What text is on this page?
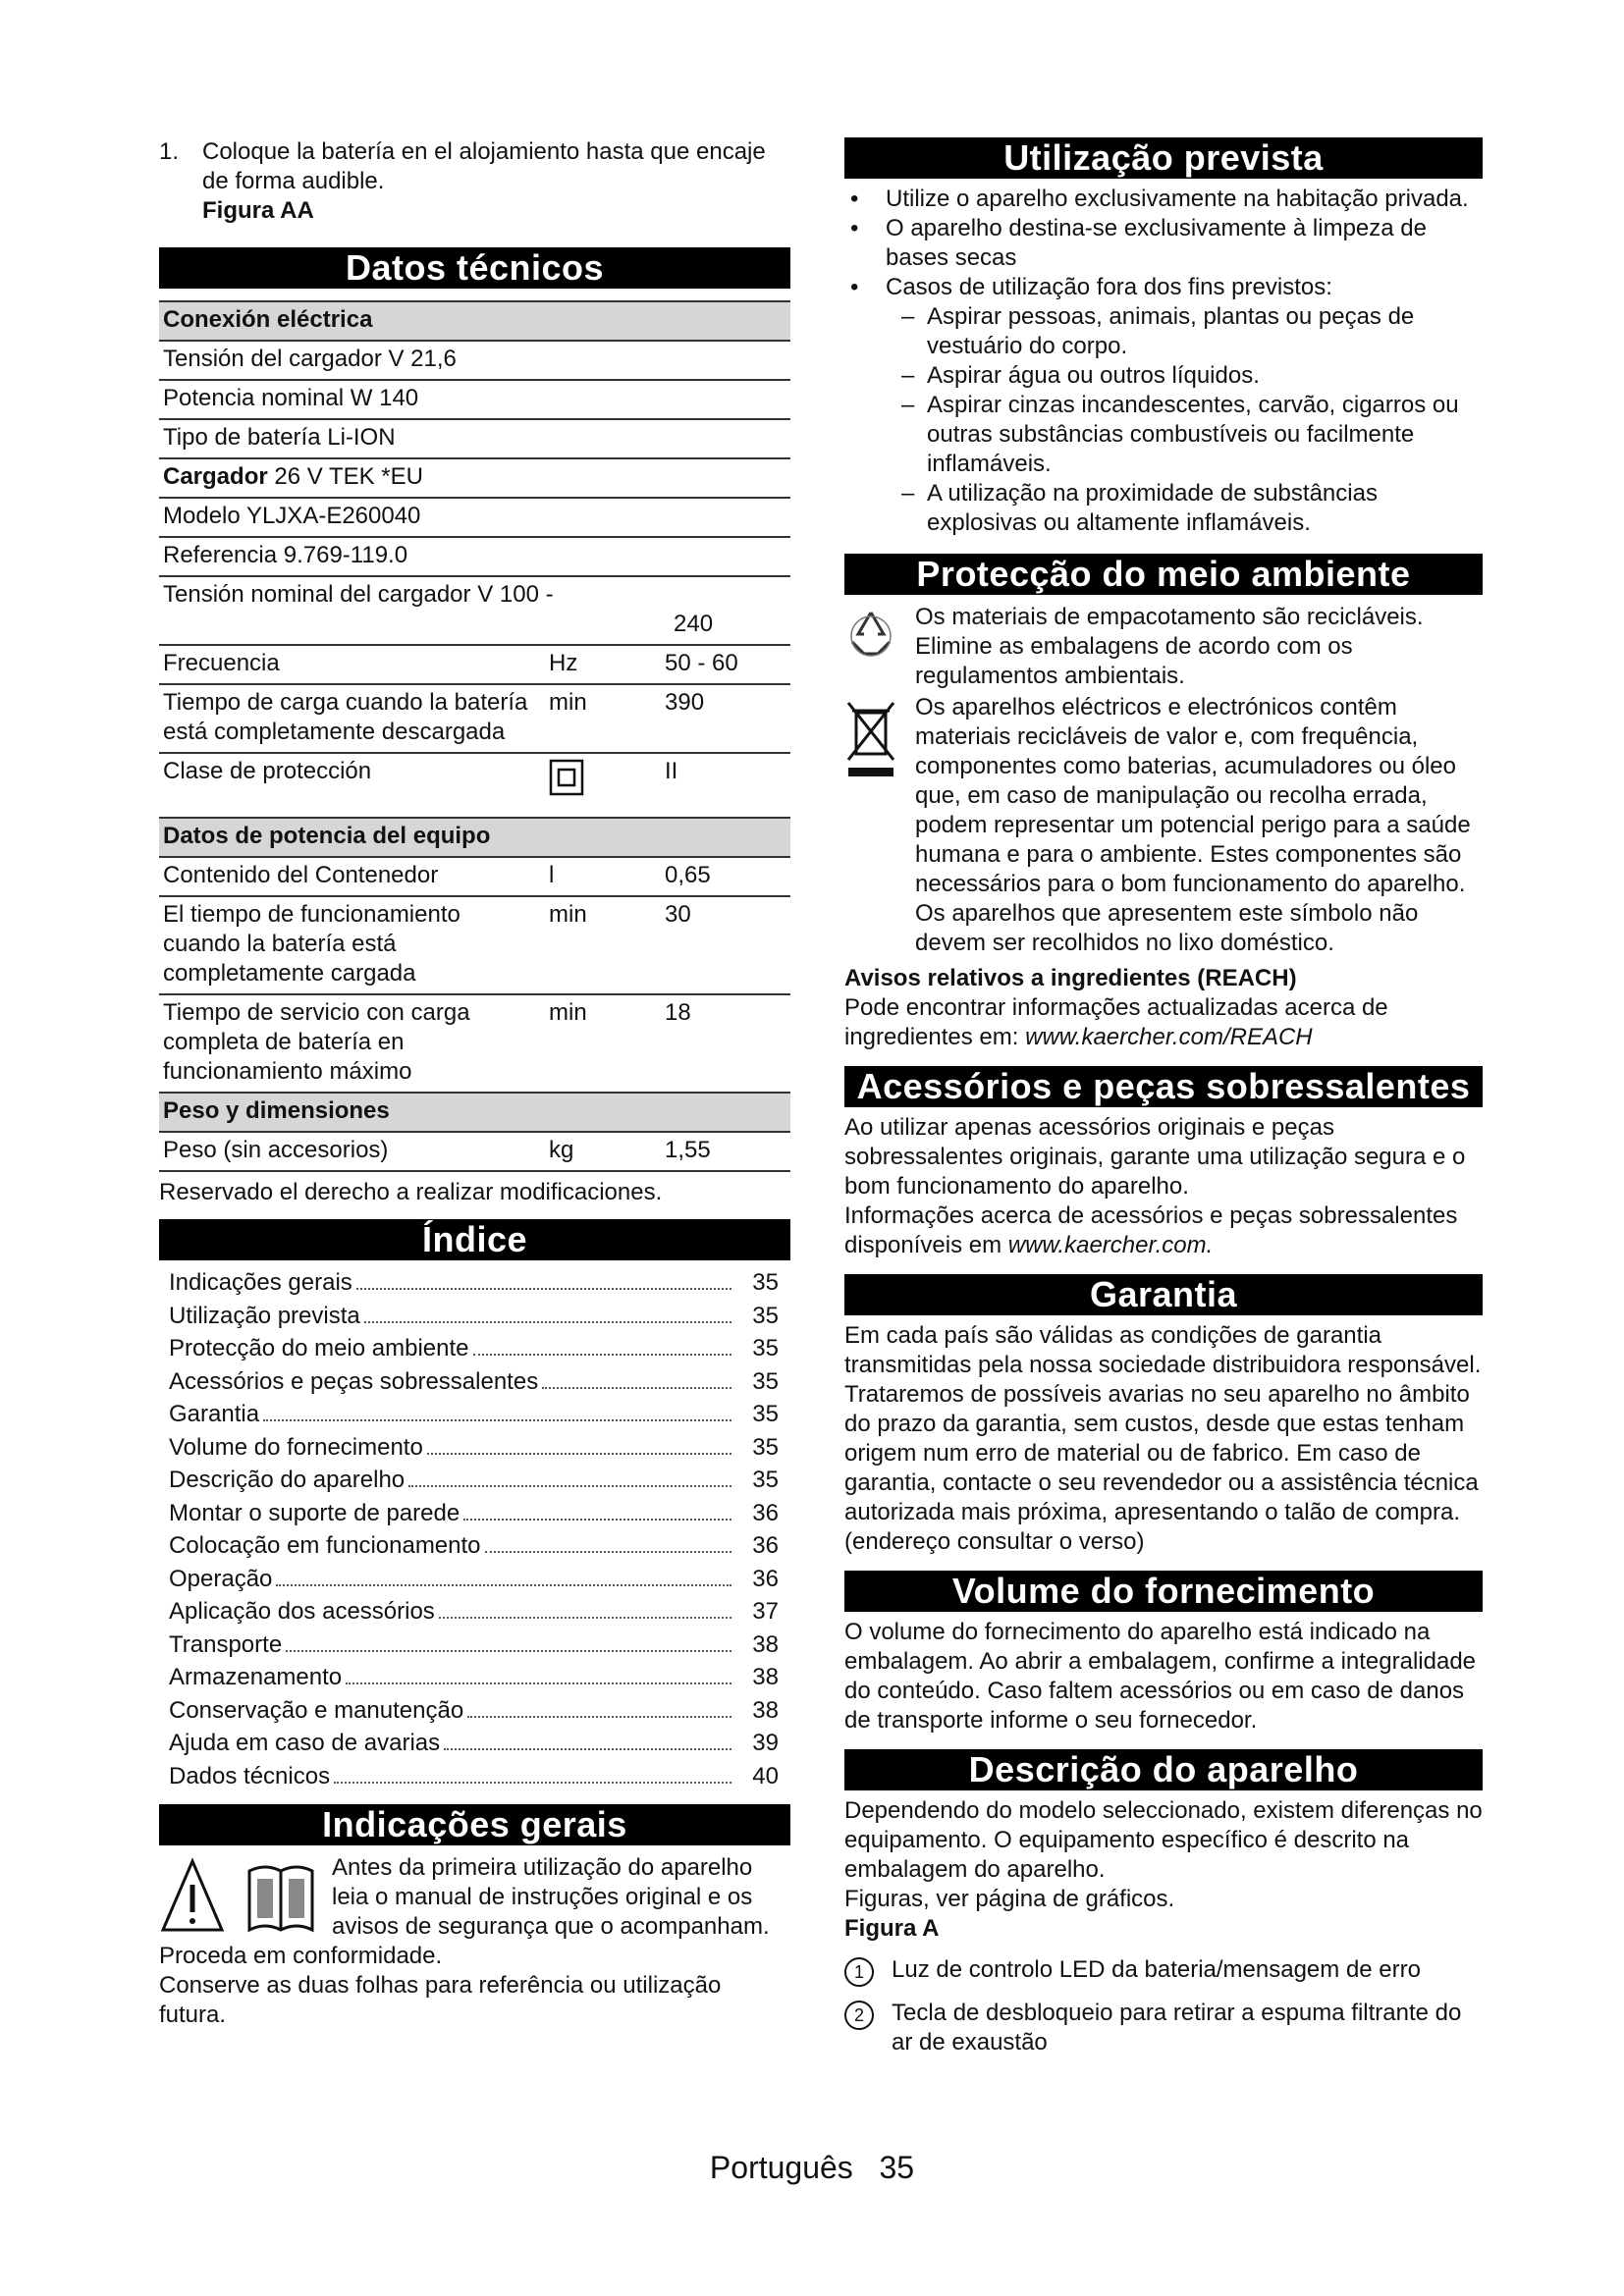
1. Coloque la batería en el alojamiento hasta que encaje de forma audible.
Figura AA
Datos técnicos
Conexión eléctrica		
Tensión del cargador V 21,6		
Potencia nominal W 140		
Tipo de batería Li-ION		
Cargador 26 V TEK *EU		
Modelo YLJXA-E260040		
Referencia 9.769-119.0		

Tensión nominal del cargador V 100 -
240		

Frecuencia	Hz	50 - 60
Tiempo de carga cuando la batería está completamente descargada	min	390
Clase de protección		II
Datos de potencia del equipo		
Contenido del Contenedor	l	0,65
El tiempo de funcionamiento cuando la batería está completamente cargada	min	30
Tiempo de servicio con carga completa de batería en funcionamiento máximo	min	18
Peso y dimensiones		
Peso (sin accesorios)	kg	1,55

Reservado el derecho a realizar modificaciones.

Índice
Indicações gerais	35
Utilização prevista	35
Protecção do meio ambiente	35
Acessórios e peças sobressalentes	35
Garantia	35
Volume do fornecimento	35
Descrição do aparelho	35
Montar o suporte de parede	36
Colocação em funcionamento	36
Operação	36
Aplicação dos acessórios	37
Transporte	38
Armazenamento	38
Conservação e manutenção	38
Ajuda em caso de avarias	39
Dados técnicos	40
Indicações gerais

Antes da primeira utilização do aparelho leia o manual de instruções original e os avisos de segurança que o acompanham. Proceda em conformidade.

Conserve as duas folhas para referência ou utilização futura.

Utilização prevista
• Utilize o aparelho exclusivamente na habitação privada.
• O aparelho destina-se exclusivamente à limpeza de bases secas
• Casos de utilização fora dos fins previstos:
– Aspirar pessoas, animais, plantas ou peças de vestuário do corpo.
– Aspirar água ou outros líquidos.
– Aspirar cinzas incandescentes, carvão, cigarros ou outras substâncias combustíveis ou facilmente inflamáveis.
– A utilização na proximidade de substâncias explosivas ou altamente inflamáveis.
Protecção do meio ambiente

Os materiais de empacotamento são recicláveis. Elimine as embalagens de acordo com os regulamentos ambientais.

Os aparelhos eléctricos e electrónicos contêm materiais recicláveis de valor e, com frequência, componentes como baterias, acumuladores ou óleo que, em caso de manipulação ou recolha errada, podem representar um potencial perigo para a saúde humana e para o ambiente. Estes componentes são necessários para o bom funcionamento do aparelho. Os aparelhos que apresentem este símbolo não devem ser recolhidos no lixo doméstico.

Avisos relativos a ingredientes (REACH)

Pode encontrar informações actualizadas acerca de ingredientes em: www.kaercher.com/REACH

Acessórios e peças sobressalentes

Ao utilizar apenas acessórios originais e peças sobressalentes originais, garante uma utilização segura e o bom funcionamento do aparelho.

Informações acerca de acessórios e peças sobressalentes disponíveis em www.kaercher.com.

Garantia

Em cada país são válidas as condições de garantia transmitidas pela nossa sociedade distribuidora responsável. Trataremos de possíveis avarias no seu aparelho no âmbito do prazo da garantia, sem custos, desde que estas tenham origem num erro de material ou de fabrico. Em caso de garantia, contacte o seu revendedor ou a assistência técnica autorizada mais próxima, apresentando o talão de compra.

(endereço consultar o verso)

Volume do fornecimento

O volume do fornecimento do aparelho está indicado na embalagem. Ao abrir a embalagem, confirme a integralidade do conteúdo. Caso faltem acessórios ou em caso de danos de transporte informe o seu fornecedor.

Descrição do aparelho

Dependendo do modelo seleccionado, existem diferenças no equipamento. O equipamento específico é descrito na embalagem do aparelho.

Figuras, ver página de gráficos.

Figura A

1	Luz de controlo LED da bateria/mensagem de erro
2	Tecla de desbloqueio para retirar a espuma filtrante do ar de exaustão
Português 35
